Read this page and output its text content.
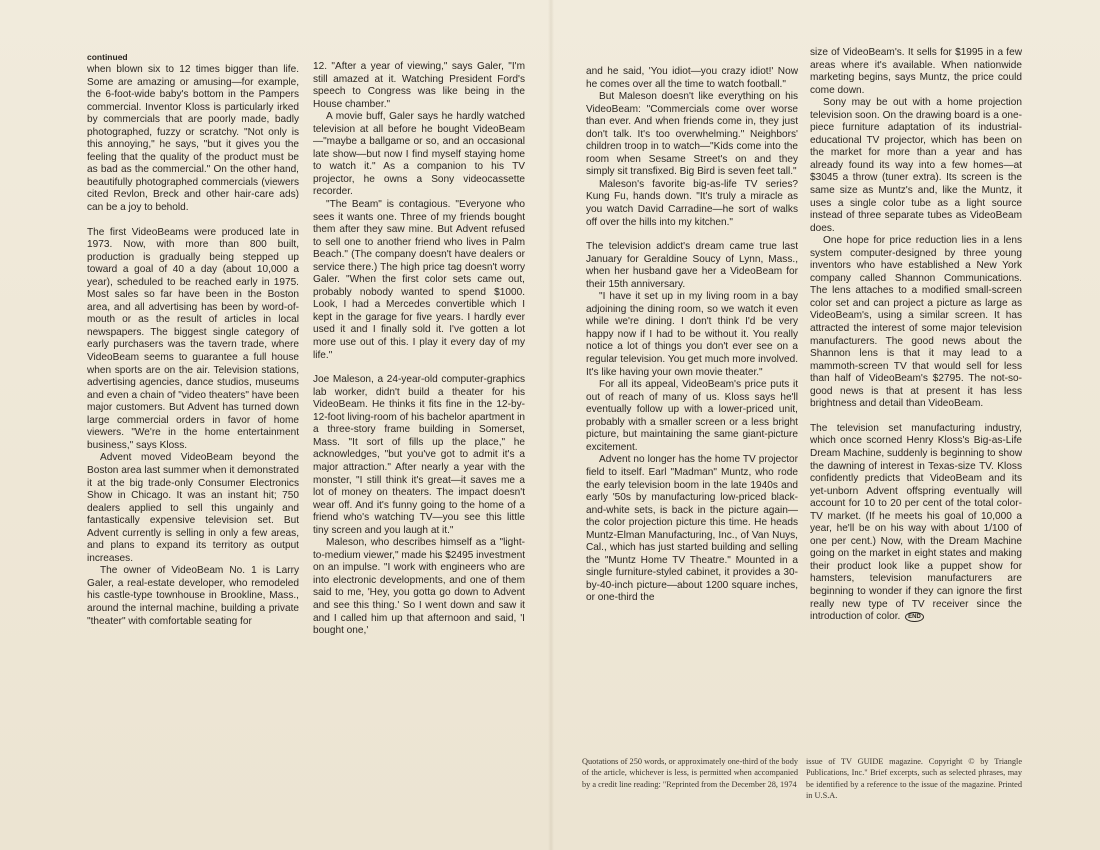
continued

when blown six to 12 times bigger than life. Some are amazing or amusing—for example, the 6-foot-wide baby's bottom in the Pampers commercial. Inventor Kloss is particularly irked by commercials that are poorly made, badly photographed, fuzzy or scratchy. "Not only is this annoying," he says, "but it gives you the feeling that the quality of the product must be as bad as the commercial." On the other hand, beautifully photographed commercials (viewers cited Revlon, Breck and other hair-care ads) can be a joy to behold.

The first VideoBeams were produced late in 1973. Now, with more than 800 built, production is gradually being stepped up toward a goal of 40 a day (about 10,000 a year), scheduled to be reached early in 1975. Most sales so far have been in the Boston area, and all advertising has been by word-of-mouth or as the result of articles in local newspapers. The biggest single category of early purchasers was the tavern trade, where VideoBeam seems to guarantee a full house when sports are on the air. Television stations, advertising agencies, dance studios, museums and even a chain of "video theaters" have been major customers. But Advent has turned down large commercial orders in favor of home viewers. "We're in the home entertainment business," says Kloss.

Advent moved VideoBeam beyond the Boston area last summer when it demonstrated it at the big trade-only Consumer Electronics Show in Chicago. It was an instant hit; 750 dealers applied to sell this ungainly and fantastically expensive television set. But Advent currently is selling in only a few areas, and plans to expand its territory as output increases.

The owner of VideoBeam No. 1 is Larry Galer, a real-estate developer, who remodeled his castle-type townhouse in Brookline, Mass., around the internal machine, building a private "theater" with comfortable seating for

12. "After a year of viewing," says Galer, "I'm still amazed at it. Watching President Ford's speech to Congress was like being in the House chamber."

A movie buff, Galer says he hardly watched television at all before he bought VideoBeam—"maybe a ballgame or so, and an occasional late show—but now I find myself staying home to watch it." As a companion to his TV projector, he owns a Sony videocassette recorder.

"The Beam" is contagious. "Everyone who sees it wants one. Three of my friends bought them after they saw mine. But Advent refused to sell one to another friend who lives in Palm Beach." (The company doesn't have dealers or service there.) The high price tag doesn't worry Galer. "When the first color sets came out, probably nobody wanted to spend $1000. Look, I had a Mercedes convertible which I kept in the garage for five years. I hardly ever used it and I finally sold it. I've gotten a lot more use out of this. I play it every day of my life."

Joe Maleson, a 24-year-old computer-graphics lab worker, didn't build a theater for his VideoBeam. He thinks it fits fine in the 12-by-12-foot living-room of his bachelor apartment in a three-story frame building in Somerset, Mass. "It sort of fills up the place," he acknowledges, "but you've got to admit it's a major attraction." After nearly a year with the monster, "I still think it's great—it saves me a lot of money on theaters. The impact doesn't wear off. And it's funny going to the home of a friend who's watching TV—you see this little tiny screen and you laugh at it."

Maleson, who describes himself as a "light-to-medium viewer," made his $2495 investment on an impulse. "I work with engineers who are into electronic developments, and one of them said to me, 'Hey, you gotta go down to Advent and see this thing.' So I went down and saw it and I called him up that afternoon and said, 'I bought one,'

and he said, 'You idiot—you crazy idiot!' Now he comes over all the time to watch football."

But Maleson doesn't like everything on his VideoBeam: "Commercials come over worse than ever. And when friends come in, they just don't talk. It's too overwhelming." Neighbors' children troop in to watch—"Kids come into the room when Sesame Street's on and they simply sit transfixed. Big Bird is seven feet tall."

Maleson's favorite big-as-life TV series? Kung Fu, hands down. "It's truly a miracle as you watch David Carradine—he sort of walks off over the hills into my kitchen."

The television addict's dream came true last January for Geraldine Soucy of Lynn, Mass., when her husband gave her a VideoBeam for their 15th anniversary.

"I have it set up in my living room in a bay adjoining the dining room, so we watch it even while we're dining. I don't think I'd be very happy now if I had to be without it. You really notice a lot of things you don't ever see on a regular television. You get much more involved. It's like having your own movie theater."

For all its appeal, VideoBeam's price puts it out of reach of many of us. Kloss says he'll eventually follow up with a lower-priced unit, probably with a smaller screen or a less bright picture, but maintaining the same giant-picture excitement.

Advent no longer has the home TV projector field to itself. Earl "Madman" Muntz, who rode the early television boom in the late 1940s and early '50s by manufacturing low-priced black-and-white sets, is back in the picture again—the color projection picture this time. He heads Muntz-Elman Manufacturing, Inc., of Van Nuys, Cal., which has just started building and selling the "Muntz Home TV Theatre." Mounted in a single furniture-styled cabinet, it provides a 30-by-40-inch picture—about 1200 square inches, or one-third the

size of VideoBeam's. It sells for $1995 in a few areas where it's available. When nationwide marketing begins, says Muntz, the price could come down.

Sony may be out with a home projection television soon. On the drawing board is a one-piece furniture adaptation of its industrial-educational TV projector, which has been on the market for more than a year and has already found its way into a few homes—at $3045 a throw (tuner extra). Its screen is the same size as Muntz's and, like the Muntz, it uses a single color tube as a light source instead of three separate tubes as VideoBeam does.

One hope for price reduction lies in a lens system computer-designed by three young inventors who have established a New York company called Shannon Communications. The lens attaches to a modified small-screen color set and can project a picture as large as VideoBeam's, using a similar screen. It has attracted the interest of some major television manufacturers. The good news about the Shannon lens is that it may lead to a mammoth-screen TV that would sell for less than half of VideoBeam's $2795. The not-so-good news is that at present it has less brightness and detail than VideoBeam.

The television set manufacturing industry, which once scorned Henry Kloss's Big-as-Life Dream Machine, suddenly is beginning to show the dawning of interest in Texas-size TV. Kloss confidently predicts that VideoBeam and its yet-unborn Advent offspring eventually will account for 10 to 20 per cent of the total color-TV market. (If he meets his goal of 10,000 a year, he'll be on his way with about 1/100 of one per cent.) Now, with the Dream Machine going on the market in eight states and making their product look like a puppet show for hamsters, television manufacturers are beginning to wonder if they can ignore the first really new type of TV receiver since the introduction of color. END

Quotations of 250 words, or approximately one-third of the body of the article, whichever is less, is permitted when accompanied by a credit line reading: "Reprinted from the December 28, 1974
issue of TV GUIDE magazine. Copyright © by Triangle Publications, Inc." Brief excerpts, such as selected phrases, may be identified by a reference to the issue of the magazine. Printed in U.S.A.
